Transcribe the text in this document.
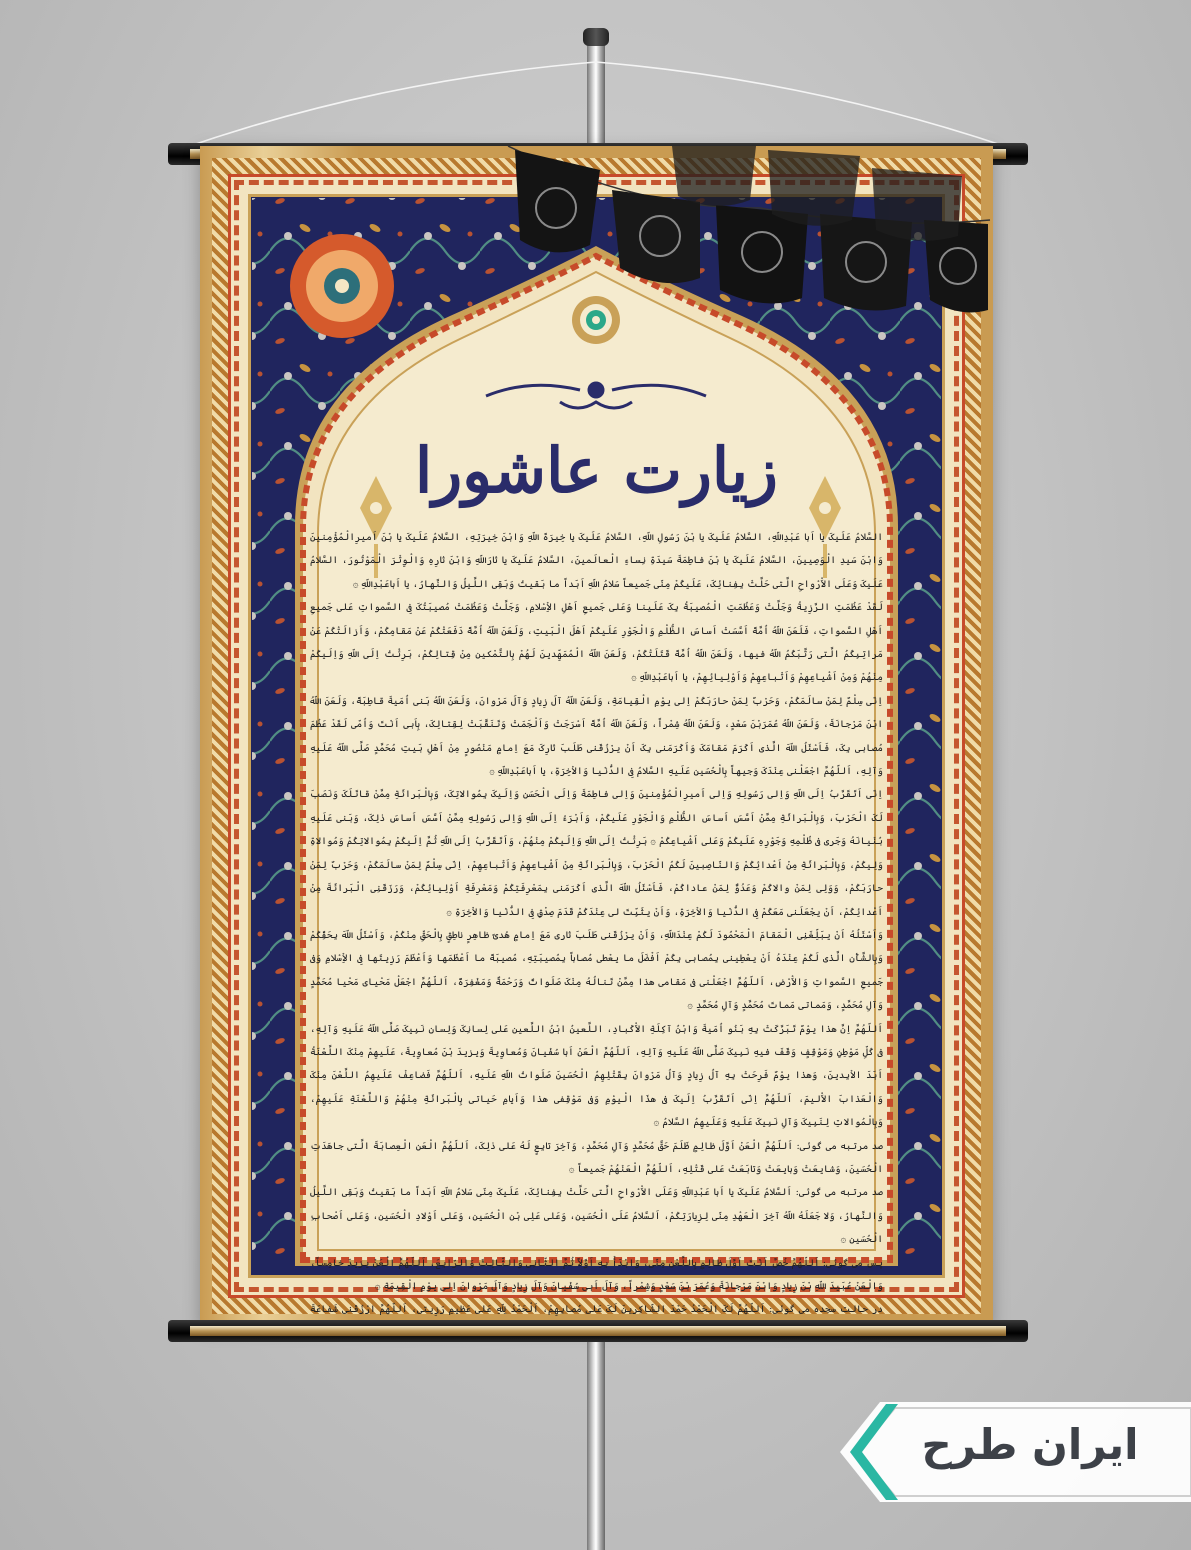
زیارت عاشورا

السَّلامُ عَلَیکَ یا اَبا عَبْدِاللّهِ، السَّلامُ عَلَیکَ یا بْنَ رَسُولِ اللّهِ، السَّلامُ عَلَیکَ یا خِیرَةَ اللّهِ وَابْنَ خِیرَتِهِ، السَّلامُ عَلَیکَ یا بْنَ اَمیرِالْمُؤْمِنینَ وَابْنَ سَیدِ الْوَصِیینَ، السَّلامُ عَلَیکَ یا بْنَ فاطِمَةَ سَیدَةِ نِساءِ الْعالَمینَ، السَّلامُ عَلَیکَ یا ثارَاللّهِ وَابْنَ ثارِهِ وَالْوِتْرَ الْمَوْتُورَ، السَّلامُ عَلَیکَ وَعَلَی الاَْرْواحِ الَّتی حَلَّتْ بِفِنائِکَ، عَلَیکُمْ مِنّی جَمیعاً سَلامُ اللّهِ اَبَداً ما بَقیتُ وَبَقِی اللَّیلُ وَالنَّهارُ، یا اَباعَبْدِاللّهِ ۞

لَقَدْ عَظُمَتِ الرَّزِیةُ وَجَلَّتْ وَعَظُمَتِ الْمُصیبَةُ بِکَ عَلَینا وَعَلی جَمیعِ اَهْلِ الاِْسْلامِ، وَجَلَّتْ وَعَظُمَتْ مُصیبَتُکَ فِی السَّمواتِ عَلی جَمیعِ اَهْلِ السَّمواتِ، فَلَعَنَ اللّهُ اُمَّةً اَسَّسَتْ اَساسَ الظُّلْمِ وَالْجَوْرِ عَلَیکُمْ اَهْلَ الْبَیتِ، وَلَعَنَ اللّهُ اُمَّةً دَفَعَتْکُمْ عَنْ مَقامِکُمْ، وَاَزالَتْکُمْ عَنْ مَراتِبِکُمُ الَّتی رَتَّبَکُمُ اللّهُ فیها، وَلَعَنَ اللّهُ اُمَّةً قَتَلَتْکُمْ، وَلَعَنَ اللّهُ الْمُمَهِّدینَ لَهُمْ بِالتَّمْکینِ مِنْ قِتالِکُمْ، بَرِئْتُ اِلَی اللّهِ وَاِلَیکُمْ مِنْهُمْ وَمِنْ اَشْیاعِهِمْ وَاَتْباعِهِمْ وَاَوْلِیائِهِمْ، یا اَباعَبْدِاللّهِ ۞

اِنّی سِلْمٌ لِمَنْ سالَمَکُمْ، وَحَرْبٌ لِمَنْ حارَبَکُمْ اِلی یوْمِ الْقِیامَةِ، وَلَعَنَ اللّهُ آلَ زِیادٍ وَآلَ مَرْوانَ، وَلَعَنَ اللّهُ بَنی اُمَیةَ قاطِبَةً، وَلَعَنَ اللّهُ ابْنَ مَرْجانَةَ، وَلَعَنَ اللّهُ عُمَرَبْنَ سَعْدٍ، وَلَعَنَ اللّهُ شِمْراً، وَلَعَنَ اللّهُ اُمَّةً اَسْرَجَتْ وَاَلْجَمَتْ وَتَنَقَّبَتْ لِقِتالِکَ، بِاَبی اَنْتَ وَاُمّی لَقَدْ عَظُمَ مُصابی بِکَ، فَاَسْئَلُ اللّهَ الَّذی اَکْرَمَ مَقامَکَ وَاَکْرَمَنی بِکَ اَنْ یرْزُقَنی طَلَبَ ثارِکَ مَعَ اِمامٍ مَنْصُورٍ مِنْ اَهْلِ بَیتِ مُحَمَّدٍ صَلَّی اللّهُ عَلَیهِ وَآلِهِ، اَللّهُمَّ اجْعَلْنی عِنْدَکَ وَجیهاً بِالْحُسَینِ عَلَیهِ السَّلامُ فِی الدُّنْیا وَالاْخِرَةِ، یا اَباعَبْدِاللّهِ ۞

اِنّی اَتَقَرَّبُ اِلَی اللّهِ وَاِلی رَسُولِهِ وَاِلی اَمیرِالْمُؤْمِنینَ وَاِلی فاطِمَةَ وَاِلَی الْحَسَنِ وَاِلَیکَ بِمُوالاتِکَ، وَبِالْبَرائَةِ مِمَّنْ قاتَلَکَ وَنَصَبَ لَکَ الْحَرْبَ، وَبِالْبَرائَةِ مِمَّنْ اَسَّسَ اَساسَ الظُّلْمِ وَالْجَوْرِ عَلَیکُمْ، وَاَبْرَءُ اِلَی اللّهِ وَاِلی رَسُولِهِ مِمَّنْ اَسَّسَ اَساسَ ذلِکَ، وَبَنی عَلَیهِ بُنْیانَهُ وَجَری فی ظُلْمِهِ وَجَوْرِهِ عَلَیکُمْ وَعَلی اَشْیاعِکُمْ ۞ بَرِئْتُ اِلَی اللّهِ وَاِلَیکُمْ مِنْهُمْ، وَاَتَقَرَّبُ اِلَی اللّهِ ثُمَّ اِلَیکُمْ بِمُوالاتِکُمْ وَمُوالاةِ وَلِیکُمْ، وَبِالْبَرائَةِ مِنْ اَعْدائِکُمْ وَالنّاصِبینَ لَکُمُ الْحَرْبَ، وَبِالْبَرائَةِ مِنْ اَشْیاعِهِمْ وَاَتْباعِهِمْ، اِنّی سِلْمٌ لِمَنْ سالَمَکُمْ، وَحَرْبٌ لِمَنْ حارَبَکُمْ، وَوَلِی لِمَنْ والاکُمْ وَعَدُوٌّ لِمَنْ عاداکُمْ، فَاَسْئَلُ اللّهَ الَّذی اَکْرَمَنی بِمَعْرِفَتِکُمْ وَمَعْرِفَةِ اَوْلِیائِکُمْ، وَرَزَقَنِی الْبَرائَةَ مِنْ اَعْدائِکُمْ، اَنْ یجْعَلَنی مَعَکُمْ فِی الدُّنْیا وَالاْخِرَةِ، وَاَنْ یثَبِّتَ لی عِنْدَکُمْ قَدَمَ صِدْقٍ فِی الدُّنْیا وَالاْخِرَةِ ۞

وَاَسْئَلُهُ اَنْ یبَلِّغَنِی الْمَقامَ الْمَحْمُودَ لَکُمْ عِنْدَاللّهِ، وَاَنْ یرْزُقَنی طَلَبَ ثاری مَعَ اِمامٍ هُدیً ظاهِرٍ ناطِقٍ بِالْحَقِّ مِنْکُمْ، وَاَسْئَلُ اللّهَ بِحَقِّکُمْ وَبِالشَّأْنِ الَّذی لَکُمْ عِنْدَهُ اَنْ یعْطِینی بِمُصابی بِکُمْ اَفْضَلَ ما یعْطی مُصاباً بِمُصیبَتِهِ، مُصیبَةً ما اَعْظَمَها وَاَعْظَمَ رَزِیتَها فِی الاِْسْلامِ وَفی جَمیعِ السَّمواتِ وَالاَْرْضِ، اَللّهُمَّ اجْعَلْنی فی مَقامی هذا مِمَّنْ تَنالُهُ مِنْکَ صَلَواتٌ وَرَحْمَةٌ وَمَغْفِرَةٌ، اَللّهُمَّ اجْعَلْ مَحْیای مَحْیا مُحَمَّدٍ وَآلِ مُحَمَّدٍ، وَمَماتی مَماتَ مُحَمَّدٍ وَآلِ مُحَمَّدٍ ۞

اَللّهُمَّ اِنَّ هذا یوْمٌ تَبَرَّکَتْ بِهِ بَنُو اُمَیةَ وَابْنُ آکِلَةِ الاَْکْبادِ، اللَّعینُ ابْنُ اللَّعینِ عَلی لِسانِکَ وَلِسانِ نَبِیکَ صَلَّی اللّهُ عَلَیهِ وَآلِهِ، فی کُلِّ مَوْطِنٍ وَمَوْقِفٍ وَقَفَ فیهِ نَبِیکَ صَلَّی اللّهُ عَلَیهِ وَآلِهِ، اَللّهُمَّ الْعَنْ اَبا سُفْیانَ وَمُعاوِیةَ وَیزیدَ بْنَ مُعاوِیةَ، عَلَیهِمْ مِنْکَ اللَّعْنَةُ اَبَدَ الاْبِدینَ، وَهذا یوْمٌ فَرِحَتْ بِهِ آلُ زِیادٍ وَآلُ مَرْوانَ بِقَتْلِهِمُ الْحُسَینَ صَلَواتُ اللّهِ عَلَیهِ، اَللّهُمَّ فَضاعِفْ عَلَیهِمُ اللَّعْنَ مِنْکَ وَالْعَذابَ الاَْلیمَ، اَللّهُمَّ اِنّی اَتَقَرَّبُ اِلَیکَ فی هذَا الْیوْمِ وَفی مَوْقِفی هذا وَاَیامِ حَیاتی بِالْبَرائَةِ مِنْهُمْ وَاللَّعْنَةِ عَلَیهِمْ، وَبِالْمُوالاتِ لِنَبِیکَ وَآلِ نَبِیکَ عَلَیهِ وَعَلَیهِمُ السَّلامُ ۞

صد مرتبه می گوئی: اَللّهُمَّ الْعَنْ اَوَّلَ ظالِمٍ ظَلَمَ حَقَّ مُحَمَّدٍ وَآلِ مُحَمَّدٍ، وَآخِرَ تابِعٍ لَهُ عَلی ذلِکَ، اَللّهُمَّ الْعَنِ الْعِصابَةَ الَّتی جاهَدَتِ الْحُسَینَ، وَشایعَتْ وَبایعَتْ وَتابَعَتْ عَلی قَتْلِهِ، اَللّهُمَّ الْعَنْهُمْ جَمیعاً ۞

صد مرتبه می گوئی: اَلسَّلامُ عَلَیکَ یا اَبا عَبْدِاللّهِ وَعَلَی الاَْرْواحِ الَّتی حَلَّتْ بِفِنائِکَ، عَلَیکَ مِنّی سَلامُ اللّهِ اَبَداً ما بَقیتُ وَبَقِی اللَّیلُ وَالنَّهارُ، وَلا جَعَلَهُ اللّهُ آخِرَ الْعَهْدِ مِنّی لِزِیارَتِکُمْ، اَلسَّلامُ عَلَی الْحُسَینِ، وَعَلی عَلِی بْنِ الْحُسَینِ، وَعَلی اَوْلادِ الْحُسَینِ، وَعَلی اَصْحابِ الْحُسَینِ ۞

پس می گوئی: اَللّهُمَّ خُصَّ اَنْتَ اَوَّلَ ظالِمٍ بِاللَّعْنِ مِنّی، وَابْدَأْ بِهِ اَوَّلاً ثُمَّ الثّانِی وَالثّالِثَ وَالرّابِعَ، اَللّهُمَّ الْعَنْ یزیدَ خامِساً، وَالْعَنْ عُبَیدَ اللّهِ بْنَ زِیادٍ وَابْنَ مَرْجانَةَ وَعُمَرَ بْنَ سَعْدٍ وَشِمْراً، وَآلَ اَبی سُفْیانَ وَآلَ زِیادٍ وَآلَ مَرْوانَ اِلی یوْمِ الْقِیمَةِ ۞

در حالت سجده می گوئی: اَللّهُمَّ لَکَ الْحَمْدُ حَمْدَ الشّاکِرینَ لَکَ عَلی مُصابِهِمْ، اَلْحَمْدُ لِلّهِ عَلی عَظیمِ رَزِیتی، اَللّهُمَّ ارْزُقْنی شَفاعَةَ

ایران طرح
